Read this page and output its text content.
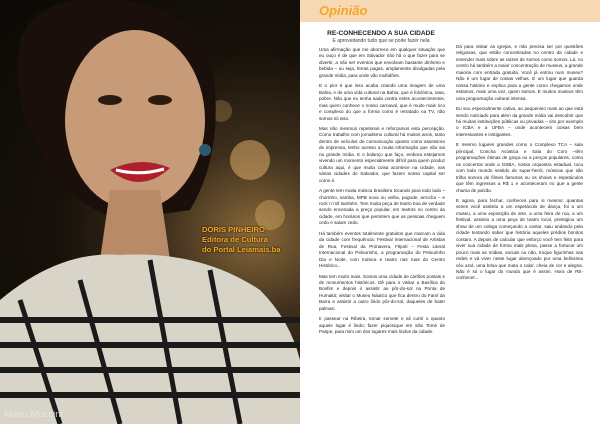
DORIS PINHEIRO
Editora de Cultura
do Portal Leiamais.ba
Manu Muccini
Opinião
RE-CONHECENDO A SUA CIDADE
E aproveitando tudo que se pode fazer nela

Uma afirmação que me aborrece em qualquer situação que eu ouço é de que em Salvador não há o que fazer para se divertir, a não ser eventos que envolvam bastante dinheiro e bebida – ou seja, ferras pagas, amplamente divulgadas pela grande mídia, para onde vão multidões.

E o pior é que isso acaba criando uma imagem de uma Bahia, e de uma vida cultural na Bahia, que é folclórica, rasa, pobre. Não que eu tenha nada contra estes acontecimentos, mas quem conhece o nosso carnaval, que é muito mais rico e complexo do que a forma como é retratado na TV, não somos só isso.

Mas não mesmos repetimos e reforçamos esta percepção. Como trabalho com jornalismo cultural há muitos anos, tanto dentro de veículos de comunicação quanto como assessora de imprensa, tenho acesso a muita informação que não sai na grande mídia. E o balanço que faço, embora estejamos vivendo um momento especialmente difícil para quem produz cultura aqui, é que muita coisa acontece na cidade, nas várias cidades do Salvador, que fazem nossa capital ser como é.

A gente tem muita música brasileira tocando para todo lado – chorinho, samba, MPB nova ou velha, pagode, arrocha – e rock´n´roll também. Tem muita peça de teatro boa de verdade sendo encenada a preço popular, em teatros no centro da cidade, em horários que permitem que as pessoas cheguem cedo e saiam cedo.

Há também eventos totalmente gratuitos que marcam a vida da cidade com frequência: Festival Internacional de Artistas de Rua, Festival da Primavera, Fitpoti – Festa Literal Internacional do Pelourinho, a programação do Pelourinho Dia e Noite, com música e teatro nas ruas do Centro Histórico...

Mas tem muito mais. Somos uma cidade de cartões postais e de monumentos históricos. Dê para ir visitar a Basílica do Bonfim e depois ir assistir ao pôr-do-sol na Ponta de Humaitá; visitar o Museu Náutico que fica dentro do Farol da Barra e assistir a outro lindo pôr-do-sol, daqueles de bater palmas;

Ir passear na Ribeira, tomar sorvete e ali curtir o quanto aquele lugar é lindo; fazer piquenique em São Tomé de Paripe, para mim um dos lugares mais lindos da cidade.

Dá para visitar as igrejas, e não precisa ser por questões religiosas, que estão concentradas no centro da cidade e entender mais sobre as raízes de somos como somos. Lá, no centro há também a maior concentração de museus, a grande maioria com entrada gratuita. Você já entrou num museu? Não é um lugar de coisas velhas. É um lugar que guarda nossa história e explica para a gente como chegamos onde estamos, mais uma vez, quem somos. E muitos museus têm uma programação cultural intensa.

Eu sou especialmente cativa, ao pequenino mais ao que está sendo noticiado para além da grande mídia vai descobrir que há muitas instituições públicas ou privadas – cito por exemplo o ICBA e a UFBA – onde acontecem coisas bem interessantes e instigantes.

E mesmo lugares grandes como o Complexo TCA – sala principal, Concha Acústica e Sala do Coro –têm programações ótimas de graça ou a preços populares, como os concertos onde a OSBA, nossa orquestra estadual, toca com todo mundo vestido de super-herói, músicas que são trilha sonora de filmes famosos ou os shows e espetáculos que têm ingressos a R$ 1 e aconteceram no que a gente chama de palcão.

E agora, para fechar, conheces para si mesmo: quantas vezes você assistiu a um espetáculo de dança, foi a um museu, a uma exposição de arte, a uma feira de rua, a um festival, assistiu a uma peça de teatro local, prestigiou um show de um colega começando a cantar, saiu andando pela cidade tentando saber que história aqueles prédios bonitos contam. A depois de calcular que esforço você tem feito para viver sua cidade de forma mais plena, passe a fortucar um pouco mais as mídias, sociais ou não, troque figurinhas nas redes e vá viver neste lugar abençoado por uma belíssima céu azul, uma brisa que mata o calor, cheia de cor e alegria. Não é só o lugar do mundo que é assim. Hora de RE-conhecer...
